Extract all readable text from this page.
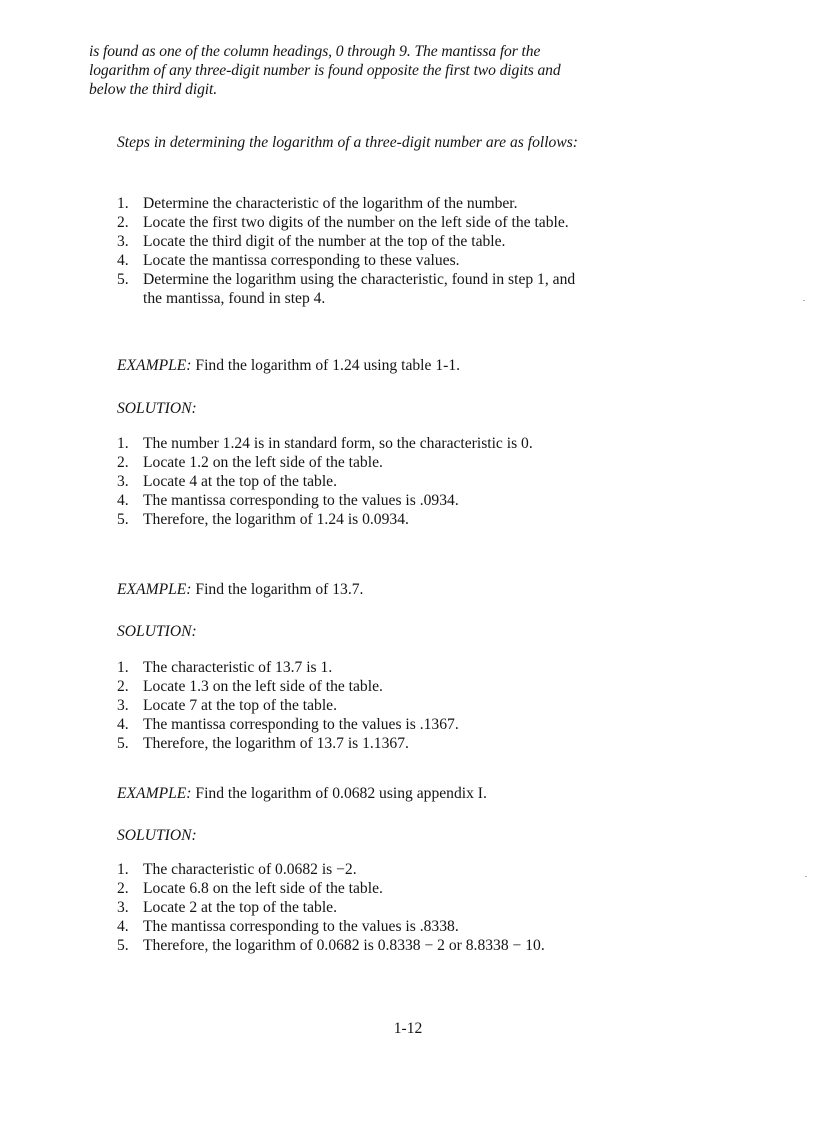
is found as one of the column headings, 0 through 9. The mantissa for the logarithm of any three-digit number is found opposite the first two digits and below the third digit.

Steps in determining the logarithm of a three-digit number are as follows:

1. Determine the characteristic of the logarithm of the number.
2. Locate the first two digits of the number on the left side of the table.
3. Locate the third digit of the number at the top of the table.
4. Locate the mantissa corresponding to these values.
5. Determine the logarithm using the characteristic, found in step 1, and the mantissa, found in step 4.

EXAMPLE: Find the logarithm of 1.24 using table 1-1.

SOLUTION:

1. The number 1.24 is in standard form, so the characteristic is 0.
2. Locate 1.2 on the left side of the table.
3. Locate 4 at the top of the table.
4. The mantissa corresponding to the values is .0934.
5. Therefore, the logarithm of 1.24 is 0.0934.

EXAMPLE: Find the logarithm of 13.7.

SOLUTION:

1. The characteristic of 13.7 is 1.
2. Locate 1.3 on the left side of the table.
3. Locate 7 at the top of the table.
4. The mantissa corresponding to the values is .1367.
5. Therefore, the logarithm of 13.7 is 1.1367.

EXAMPLE: Find the logarithm of 0.0682 using appendix I.

SOLUTION:

1. The characteristic of 0.0682 is −2.
2. Locate 6.8 on the left side of the table.
3. Locate 2 at the top of the table.
4. The mantissa corresponding to the values is .8338.
5. Therefore, the logarithm of 0.0682 is 0.8338 − 2 or 8.8338 − 10.

1-12
